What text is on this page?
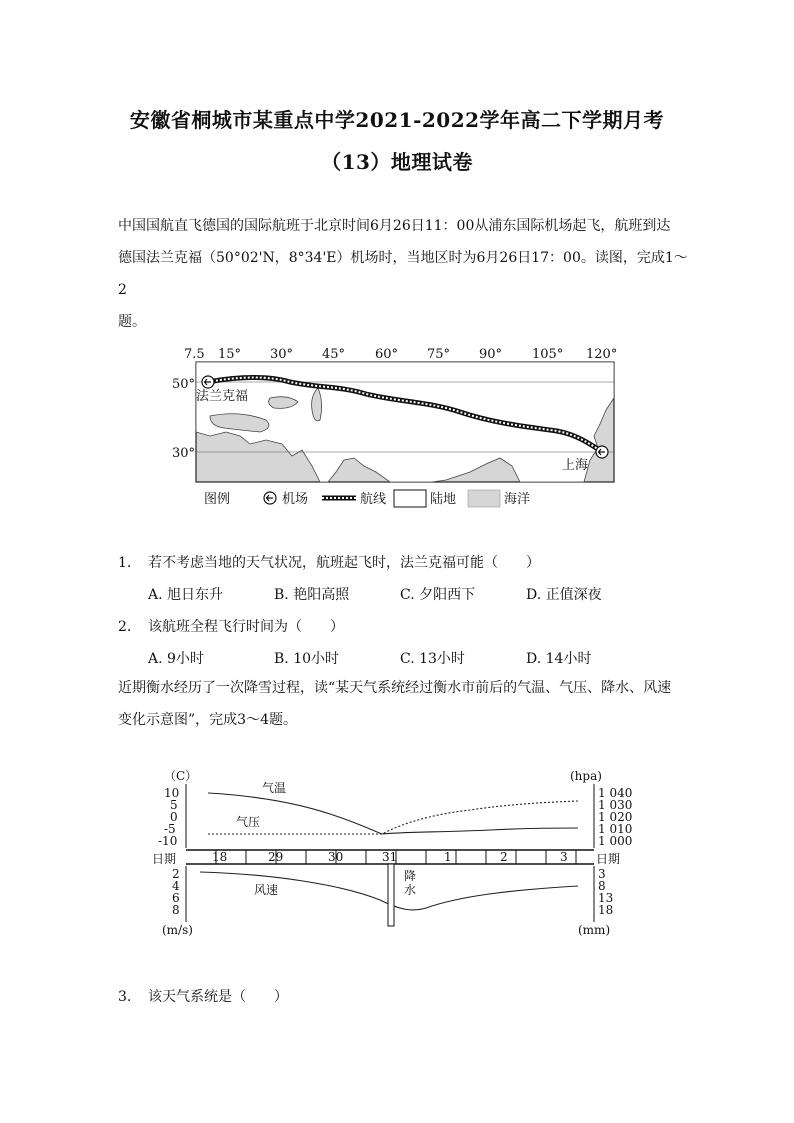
安徽省桐城市某重点中学2021-2022学年高二下学期月考
（13）地理试卷
中国国航直飞德国的国际航班于北京时间6月26日11：00从浦东国际机场起飞，航班到达
德国法兰克福（50°02'N，8°34'E）机场时，当地区时为6月26日17：00。读图，完成1～2
题。
7.5 15° 30° 45° 60° 75° 90° 105° 120°
50°
30°
法兰克福
上海
图例	机场	航线	陆地	海洋
1. 若不考虑当地的天气状况，航班起飞时，法兰克福可能（　　）
A. 旭日东升	B. 艳阳高照	C. 夕阳西下	D. 正值深夜
2. 该航班全程飞行时间为（　　）
A. 9小时	B. 10小时	C. 13小时	D. 14小时
近期衡水经历了一次降雪过程，读“某天气系统经过衡水市前后的气温、气压、降水、风速
变化示意图”，完成3～4题。
（C）	(hpa)
10
5
0
-5
-10
1 040
1 030
1 020
1 010
1 000
日期	日期
18	29	30	31	1	2	3
2
4
6
8
3
8
13
18
(m/s)	(mm)
气温
气压
风速
降
水
3. 该天气系统是（　　）
